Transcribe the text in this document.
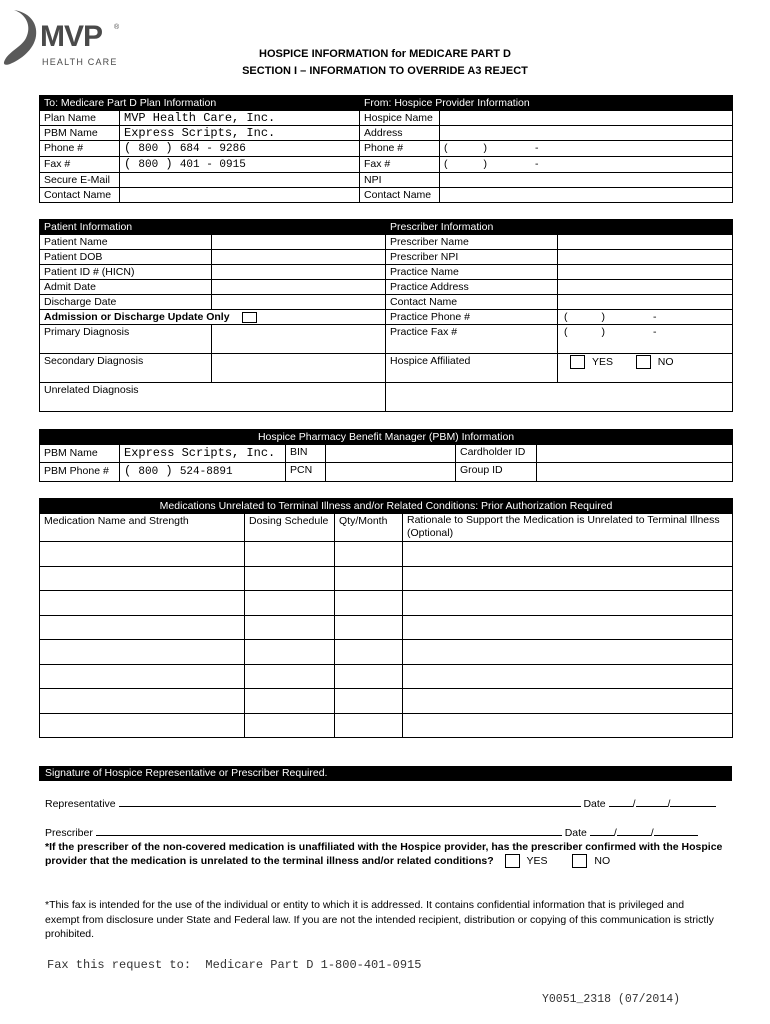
MVP ®
HEALTH CARE
HOSPICE INFORMATION for MEDICARE PART D
SECTION I – INFORMATION TO OVERRIDE A3 REJECT
To: Medicare Part D Plan Information		From: Hospice Provider Information	
Plan Name	MVP Health Care, Inc.	Hospice Name	
PBM Name	Express Scripts, Inc.	Address	
Phone #	( 800 ) 684 - 9286	Phone #	( ) -
Fax #	( 800 ) 401 - 0915	Fax #	( ) -
Secure E-Mail		NPI	
Contact Name		Contact Name	
Patient Information		Prescriber Information	
Patient Name		Prescriber Name	
Patient DOB		Prescriber NPI	
Patient ID # (HICN)		Practice Name	
Admit Date		Practice Address	
Discharge Date		Contact Name	
Admission or Discharge Update Only		Practice Phone #	( ) -
Primary Diagnosis		Practice Fax #	( ) -
Secondary Diagnosis		Hospice Affiliated	YES NO
Unrelated Diagnosis			
Hospice Pharmacy Benefit Manager (PBM) Information					
PBM Name	Express Scripts, Inc.	BIN		Cardholder ID	
PBM Phone #	( 800 ) 524-8891	PCN		Group ID	
Medications Unrelated to Terminal Illness and/or Related Conditions: Prior Authorization Required			
Medication Name and Strength	Dosing Schedule	Qty/Month	Rationale to Support the Medication is Unrelated to Terminal Illness
(Optional)

Signature of Hospice Representative or Prescriber Required.
Representative	Date	/	/
Prescriber	Date	/	/
*If the prescriber of the non-covered medication is unaffiliated with the Hospice provider, has the prescriber confirmed with the Hospice
provider that the medication is unrelated to the terminal illness and/or related conditions?	YES	NO
*This fax is intended for the use of the individual or entity to which it is addressed. It contains confidential information that is privileged and
exempt from disclosure under State and Federal law. If you are not the intended recipient, distribution or copying of this communication is strictly
prohibited.
Fax this request to:  Medicare Part D 1-800-401-0915
Y0051_2318 (07/2014)
